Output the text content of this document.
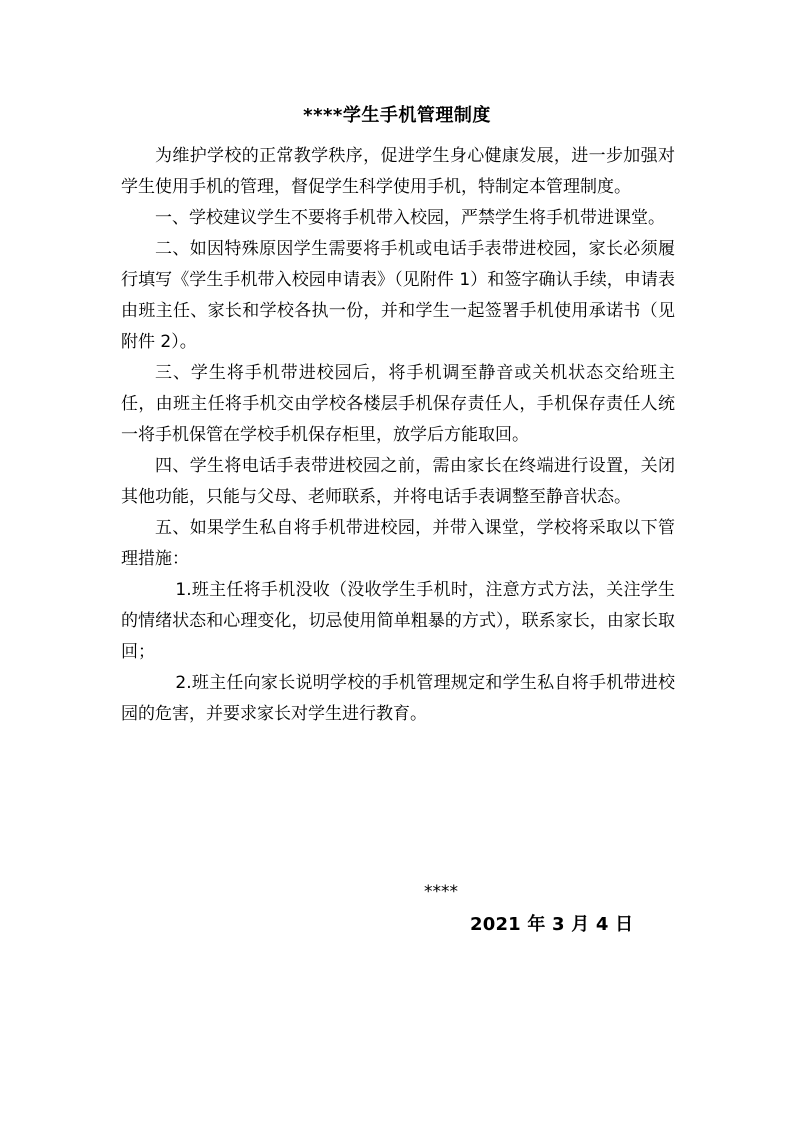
****学生手机管理制度

为维护学校的正常教学秩序，促进学生身心健康发展，进一步加强对学生使用手机的管理，督促学生科学使用手机，特制定本管理制度。

一、学校建议学生不要将手机带入校园，严禁学生将手机带进课堂。

二、如因特殊原因学生需要将手机或电话手表带进校园，家长必须履行填写《学生手机带入校园申请表》（见附件 1）和签字确认手续，申请表由班主任、家长和学校各执一份，并和学生一起签署手机使用承诺书（见附件 2）。

三、学生将手机带进校园后，将手机调至静音或关机状态交给班主任，由班主任将手机交由学校各楼层手机保存责任人，手机保存责任人统一将手机保管在学校手机保存柜里，放学后方能取回。

四、学生将电话手表带进校园之前，需由家长在终端进行设置，关闭其他功能，只能与父母、老师联系，并将电话手表调整至静音状态。

五、如果学生私自将手机带进校园，并带入课堂，学校将采取以下管理措施：

1.班主任将手机没收（没收学生手机时，注意方式方法，关注学生的情绪状态和心理变化，切忌使用简单粗暴的方式），联系家长，由家长取回；

2.班主任向家长说明学校的手机管理规定和学生私自将手机带进校园的危害，并要求家长对学生进行教育。

****
2021 年 3 月 4 日
